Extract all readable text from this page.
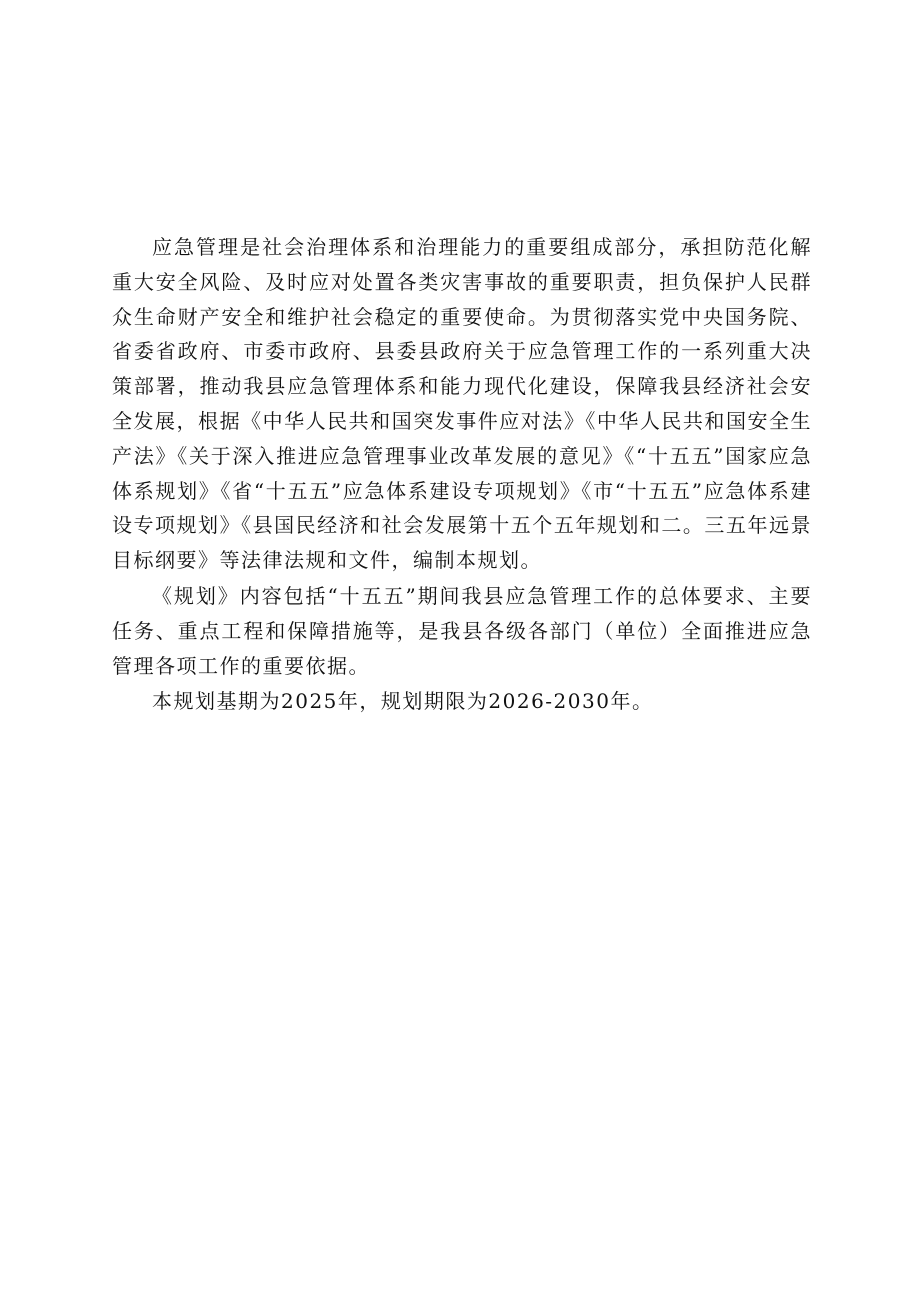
应急管理是社会治理体系和治理能力的重要组成部分，承担防范化解重大安全风险、及时应对处置各类灾害事故的重要职责，担负保护人民群众生命财产安全和维护社会稳定的重要使命。为贯彻落实党中央国务院、省委省政府、市委市政府、县委县政府关于应急管理工作的一系列重大决策部署，推动我县应急管理体系和能力现代化建设，保障我县经济社会安全发展，根据《中华人民共和国突发事件应对法》《中华人民共和国安全生产法》《关于深入推进应急管理事业改革发展的意见》《“十五五”国家应急体系规划》《省“十五五”应急体系建设专项规划》《市“十五五”应急体系建设专项规划》《县国民经济和社会发展第十五个五年规划和二。三五年远景目标纲要》等法律法规和文件，编制本规划。

《规划》内容包括“十五五”期间我县应急管理工作的总体要求、主要任务、重点工程和保障措施等，是我县各级各部门（单位）全面推进应急管理各项工作的重要依据。

本规划基期为2025年，规划期限为2026-2030年。
